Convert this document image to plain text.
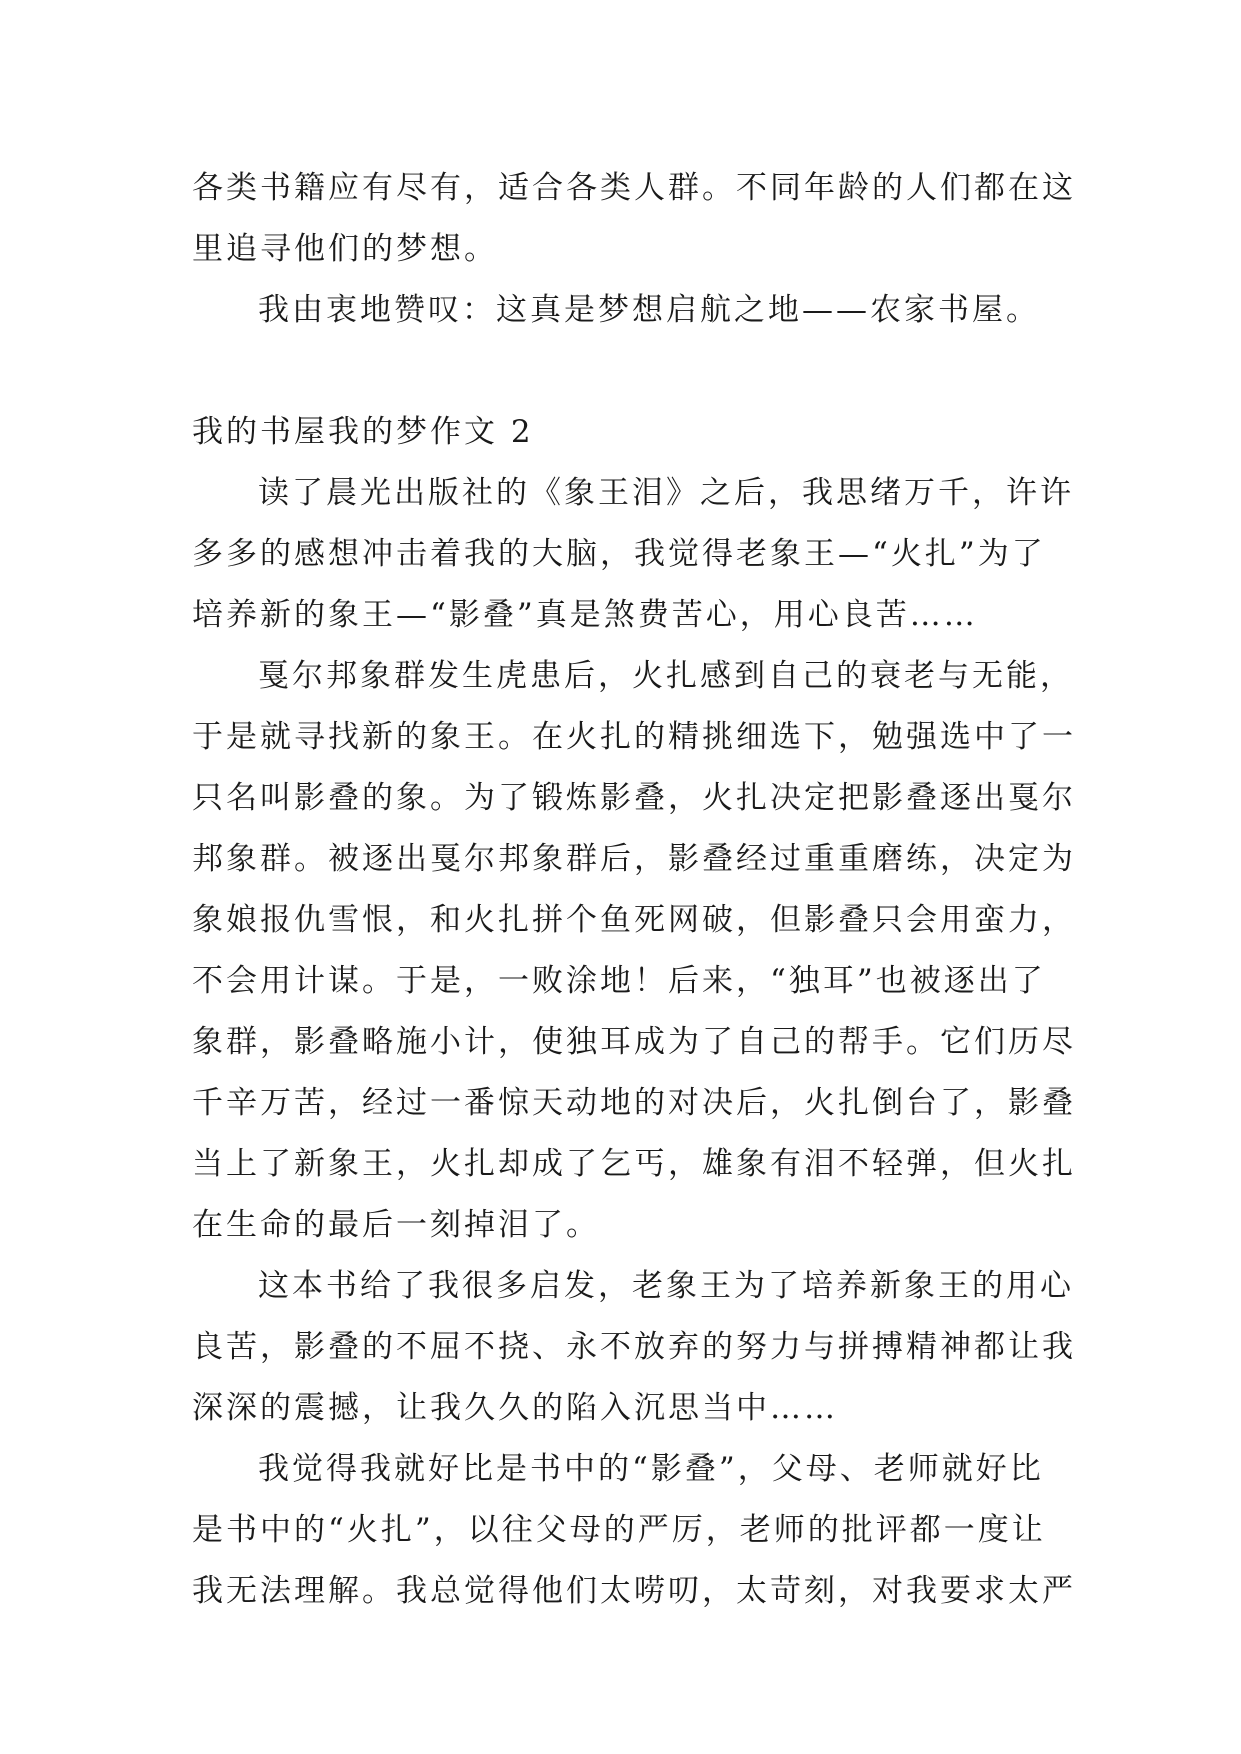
各类书籍应有尽有，适合各类人群。不同年龄的人们都在这
里追寻他们的梦想。
我由衷地赞叹：这真是梦想启航之地——农家书屋。
我的书屋我的梦作文 2
读了晨光出版社的《象王泪》之后，我思绪万千，许许
多多的感想冲击着我的大脑，我觉得老象王—“火扎”为了
培养新的象王—“影叠”真是煞费苦心，用心良苦……
戛尔邦象群发生虎患后，火扎感到自己的衰老与无能，
于是就寻找新的象王。在火扎的精挑细选下，勉强选中了一
只名叫影叠的象。为了锻炼影叠，火扎决定把影叠逐出戛尔
邦象群。被逐出戛尔邦象群后，影叠经过重重磨练，决定为
象娘报仇雪恨，和火扎拼个鱼死网破，但影叠只会用蛮力，
不会用计谋。于是，一败涂地！后来，“独耳”也被逐出了
象群，影叠略施小计，使独耳成为了自己的帮手。它们历尽
千辛万苦，经过一番惊天动地的对决后，火扎倒台了，影叠
当上了新象王，火扎却成了乞丐，雄象有泪不轻弹，但火扎
在生命的最后一刻掉泪了。
这本书给了我很多启发，老象王为了培养新象王的用心
良苦，影叠的不屈不挠、永不放弃的努力与拼搏精神都让我
深深的震撼，让我久久的陷入沉思当中……
我觉得我就好比是书中的“影叠”，父母、老师就好比
是书中的“火扎”，以往父母的严厉，老师的批评都一度让
我无法理解。我总觉得他们太唠叨，太苛刻，对我要求太严
